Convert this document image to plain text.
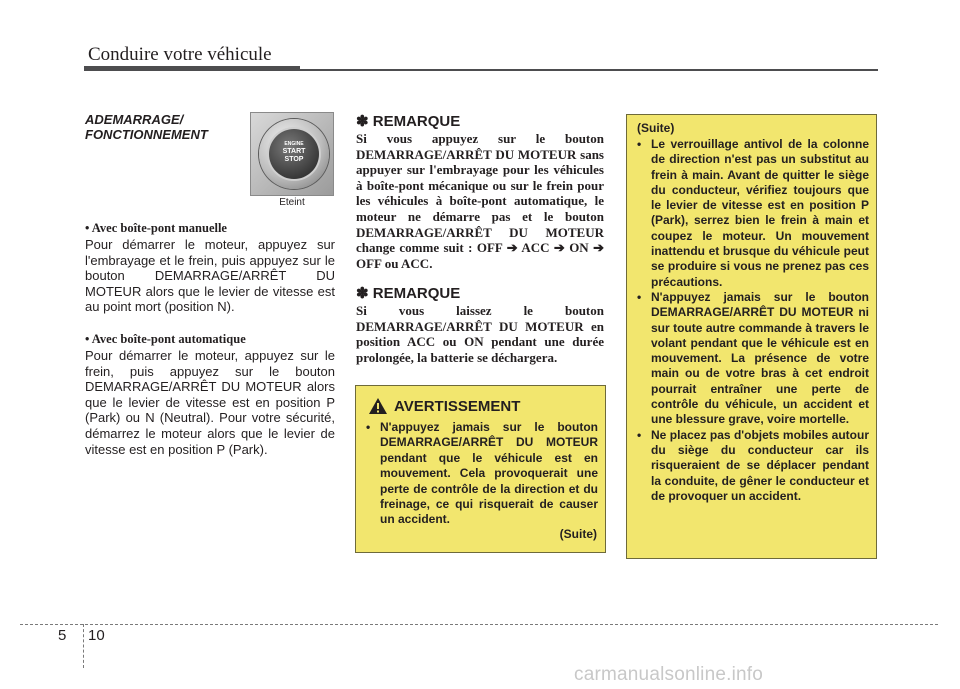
Conduire votre véhicule
ADEMARRAGE/
FONCTIONNEMENT
ENGINE
START
STOP
Eteint
• Avec boîte-pont manuelle
Pour démarrer le moteur, appuyez sur l'embrayage et le frein, puis appuyez sur le bouton DEMARRAGE/ARRÊT DU MOTEUR alors que le levier de vitesse est au point mort (position N).
• Avec boîte-pont automatique
Pour démarrer le moteur, appuyez sur le frein, puis appuyez sur le bouton DEMARRAGE/ARRÊT DU MOTEUR alors que le levier de vitesse est en position P (Park) ou N (Neutral). Pour votre sécurité, démarrez le moteur alors que le levier de vitesse est en position P (Park).
✽ REMARQUE
Si vous appuyez sur le bouton DEMARRAGE/ARRÊT DU MOTEUR sans appuyer sur l'embrayage pour les véhicules à boîte-pont mécanique ou sur le frein pour les véhicules à boîte-pont automatique, le moteur ne démarre pas et le bouton DEMARRAGE/ARRÊT DU MOTEUR change comme suit : OFF ➔ ACC ➔ ON ➔ OFF ou ACC.
✽ REMARQUE
Si vous laissez le bouton DEMARRAGE/ARRÊT DU MOTEUR en position ACC ou ON pendant une durée prolongée, la batterie se déchargera.
AVERTISSEMENT
• N'appuyez jamais sur le bouton DEMARRAGE/ARRÊT DU MOTEUR pendant que le véhicule est en mouvement. Cela provoquerait une perte de contrôle de la direction et du freinage, ce qui risquerait de causer un accident.
(Suite)
(Suite)
• Le verrouillage antivol de la colonne de direction n'est pas un substitut au frein à main. Avant de quitter le siège du conducteur, vérifiez toujours que le levier de vitesse est en position P (Park), serrez bien le frein à main et coupez le moteur. Un mouvement inattendu et brusque du véhicule peut se produire si vous ne prenez pas ces précautions.
• N'appuyez jamais sur le bouton DEMARRAGE/ARRÊT DU MOTEUR ni sur toute autre commande à travers le volant pendant que le véhicule est en mouvement. La présence de votre main ou de votre bras à cet endroit pourrait entraîner une perte de contrôle du véhicule, un accident et une blessure grave, voire mortelle.
• Ne placez pas d'objets mobiles autour du siège du conducteur car ils risqueraient de se déplacer pendant la conduite, de gêner le conducteur et de provoquer un accident.
5 10
carmanualsonline.info
